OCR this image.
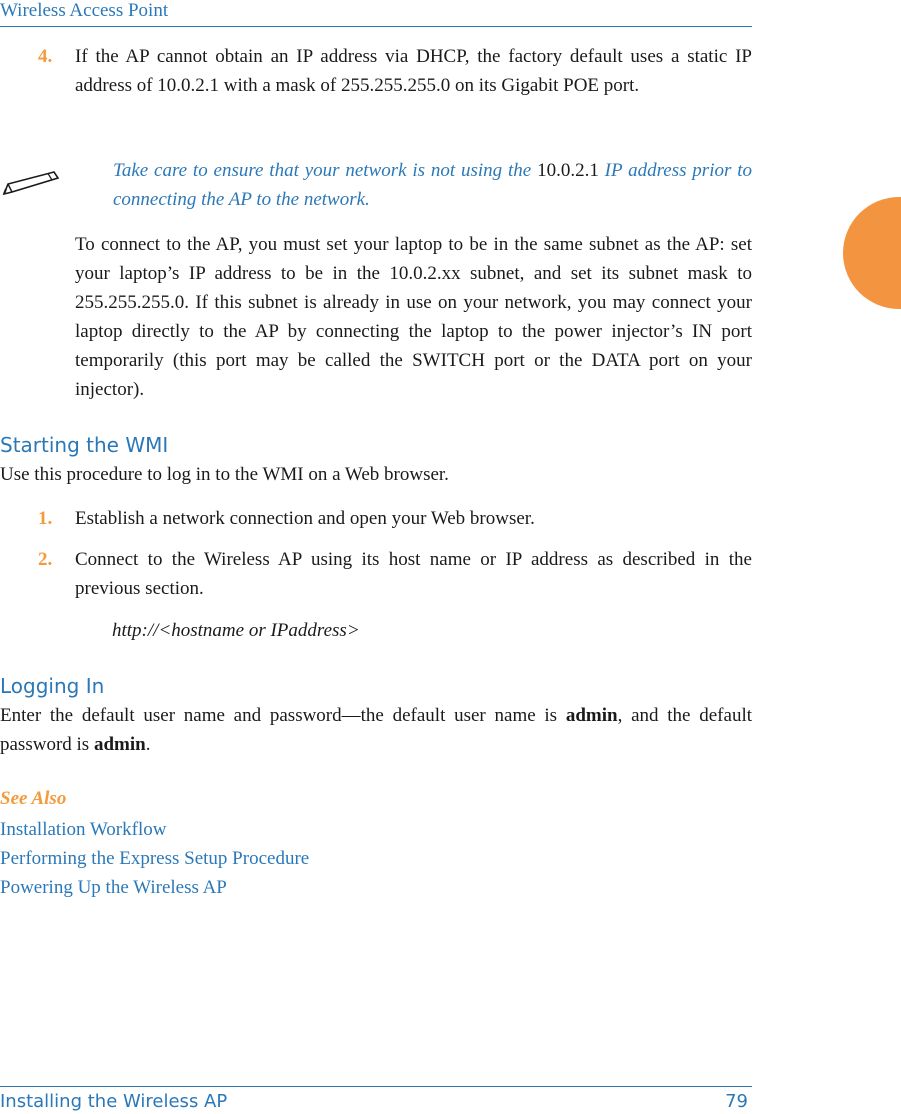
Wireless Access Point
4. If the AP cannot obtain an IP address via DHCP, the factory default uses a static IP address of 10.0.2.1 with a mask of 255.255.255.0 on its Gigabit POE port.

Take care to ensure that your network is not using the 10.0.2.1 IP address prior to connecting the AP to the network.

To connect to the AP, you must set your laptop to be in the same subnet as the AP: set your laptop’s IP address to be in the 10.0.2.xx subnet, and set its subnet mask to 255.255.255.0. If this subnet is already in use on your network, you may connect your laptop directly to the AP by connecting the laptop to the power injector’s IN port temporarily (this port may be called the SWITCH port or the DATA port on your injector).

Starting the WMI

Use this procedure to log in to the WMI on a Web browser.

1. Establish a network connection and open your Web browser.

2. Connect to the Wireless AP using its host name or IP address as described in the previous section.

http://<hostname or IPaddress>
Logging In

Enter the default user name and password—the default user name is admin, and the default password is admin.

See Also
Installation Workflow
Performing the Express Setup Procedure
Powering Up the Wireless AP
Installing the Wireless AP	79
